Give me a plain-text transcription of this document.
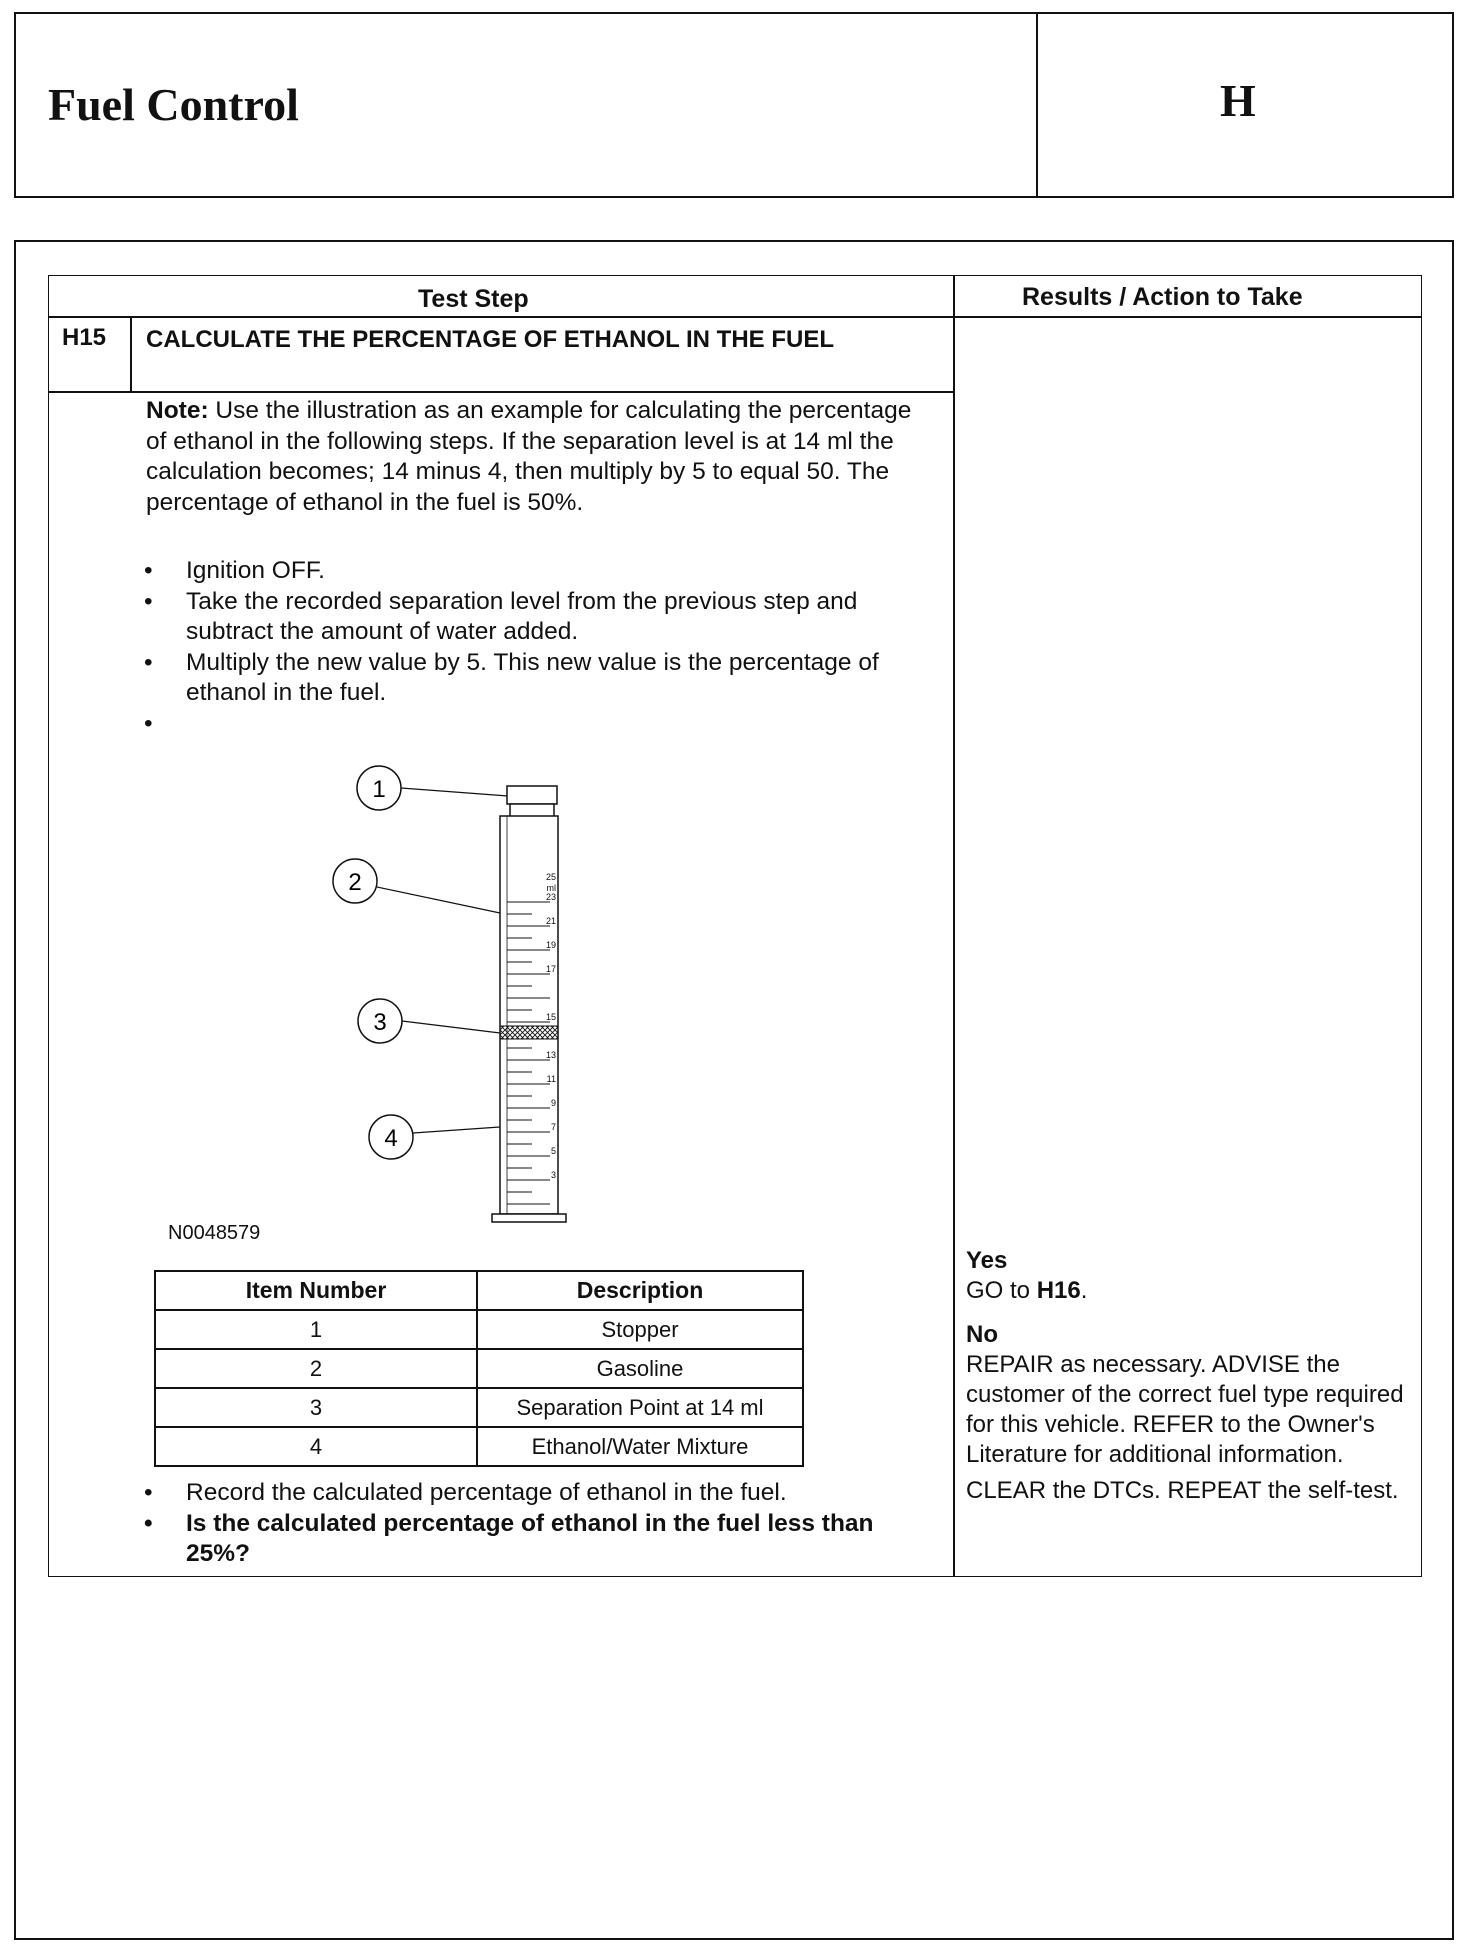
Fuel Control	H
Test Step	Results / Action to Take
H15 CALCULATE THE PERCENTAGE OF ETHANOL IN THE FUEL
Note: Use the illustration as an example for calculating the percentage of ethanol in the following steps. If the separation level is at 14 ml the calculation becomes; 14 minus 4, then multiply by 5 to equal 50. The percentage of ethanol in the fuel is 50%.
• Ignition OFF.
• Take the recorded separation level from the previous step and subtract the amount of water added.
• Multiply the new value by 5. This new value is the percentage of ethanol in the fuel.
•
1
2
3
4
25
ml
23
21
19
17
15
13
11
9
7
5
3
N0048579
Item Number	Description
1	Stopper
2	Gasoline
3	Separation Point at 14 ml
4	Ethanol/Water Mixture
• Record the calculated percentage of ethanol in the fuel.
• Is the calculated percentage of ethanol in the fuel less than 25%?
Yes
GO to H16.
No
REPAIR as necessary. ADVISE the customer of the correct fuel type required for this vehicle. REFER to the Owner's Literature for additional information.
CLEAR the DTCs. REPEAT the self-test.
